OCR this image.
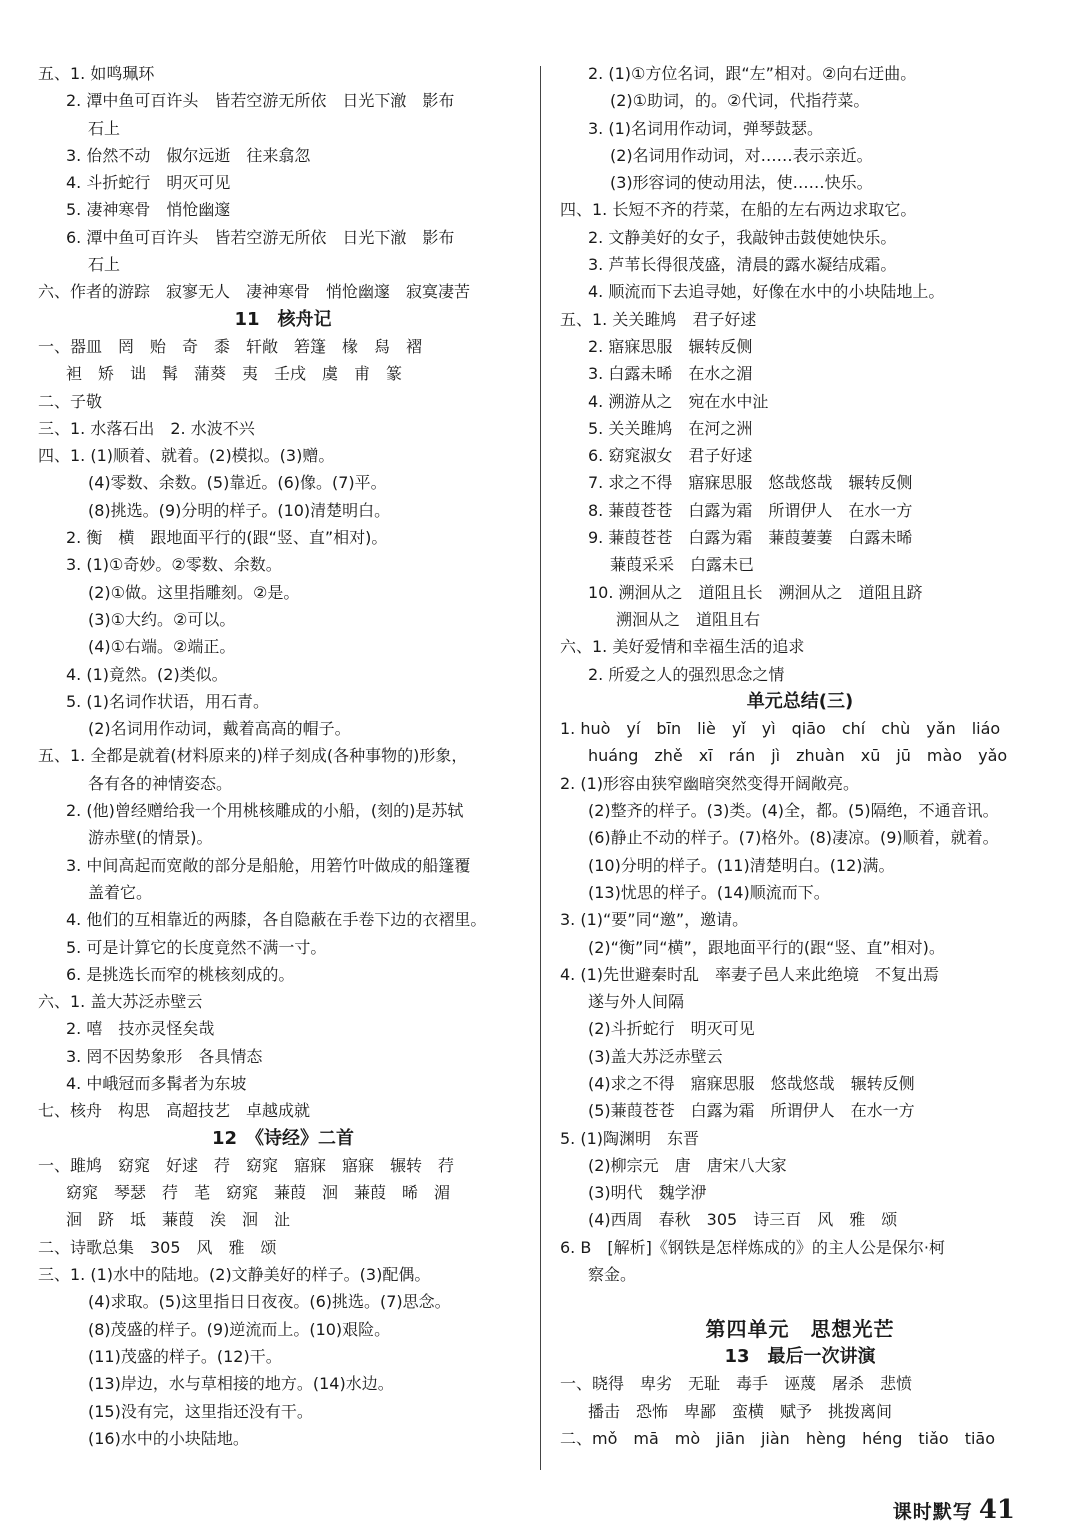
五、1. 如鸣珮环
2. 潭中鱼可百许头　皆若空游无所依　日光下澈　影布
石上
3. 佁然不动　俶尔远逝　往来翕忽
4. 斗折蛇行　明灭可见
5. 凄神寒骨　悄怆幽邃
6. 潭中鱼可百许头　皆若空游无所依　日光下澈　影布
石上
六、作者的游踪　寂寥无人　凄神寒骨　悄怆幽邃　寂寞凄苦
11　核舟记
一、器皿　罔　贻　奇　黍　轩敞　箬篷　椽　舄　褶
袒　矫　诎　髯　蒲葵　夷　壬戌　虞　甫　篆
二、子敬
三、1. 水落石出　2. 水波不兴
四、1. (1)顺着、就着。(2)模拟。(3)赠。
(4)零数、余数。(5)靠近。(6)像。(7)平。
(8)挑选。(9)分明的样子。(10)清楚明白。
2. 衡　横　跟地面平行的(跟“竖、直”相对)。
3. (1)①奇妙。②零数、余数。
(2)①做。这里指雕刻。②是。
(3)①大约。②可以。
(4)①右端。②端正。
4. (1)竟然。(2)类似。
5. (1)名词作状语，用石青。
(2)名词用作动词，戴着高高的帽子。
五、1. 全都是就着(材料原来的)样子刻成(各种事物的)形象，
各有各的神情姿态。
2. (他)曾经赠给我一个用桃核雕成的小船，(刻的)是苏轼
游赤壁(的情景)。
3. 中间高起而宽敞的部分是船舱，用箬竹叶做成的船篷覆
盖着它。
4. 他们的互相靠近的两膝，各自隐蔽在手卷下边的衣褶里。
5. 可是计算它的长度竟然不满一寸。
6. 是挑选长而窄的桃核刻成的。
六、1. 盖大苏泛赤壁云
2. 嘻　技亦灵怪矣哉
3. 罔不因势象形　各具情态
4. 中峨冠而多髯者为东坡
七、核舟　构思　高超技艺　卓越成就
12　《诗经》二首
一、雎鸠　窈窕　好逑　荇　窈窕　寤寐　寤寐　辗转　荇
窈窕　琴瑟　荇　芼　窈窕　蒹葭　洄　蒹葭　晞　湄
洄　跻　坻　蒹葭　涘　洄　沚
二、诗歌总集　305　风　雅　颂
三、1. (1)水中的陆地。(2)文静美好的样子。(3)配偶。
(4)求取。(5)这里指日日夜夜。(6)挑选。(7)思念。
(8)茂盛的样子。(9)逆流而上。(10)艰险。
(11)茂盛的样子。(12)干。
(13)岸边，水与草相接的地方。(14)水边。
(15)没有完，这里指还没有干。
(16)水中的小块陆地。
2. (1)①方位名词，跟“左”相对。②向右迂曲。
(2)①助词，的。②代词，代指荇菜。
3. (1)名词用作动词，弹琴鼓瑟。
(2)名词用作动词，对……表示亲近。
(3)形容词的使动用法，使……快乐。
四、1. 长短不齐的荇菜，在船的左右两边求取它。
2. 文静美好的女子，我敲钟击鼓使她快乐。
3. 芦苇长得很茂盛，清晨的露水凝结成霜。
4. 顺流而下去追寻她，好像在水中的小块陆地上。
五、1. 关关雎鸠　君子好逑
2. 寤寐思服　辗转反侧
3. 白露未晞　在水之湄
4. 溯游从之　宛在水中沚
5. 关关雎鸠　在河之洲
6. 窈窕淑女　君子好逑
7. 求之不得　寤寐思服　悠哉悠哉　辗转反侧
8. 蒹葭苍苍　白露为霜　所谓伊人　在水一方
9. 蒹葭苍苍　白露为霜　蒹葭萋萋　白露未晞
蒹葭采采　白露未已
10. 溯洄从之　道阻且长　溯洄从之　道阻且跻
溯洄从之　道阻且右
六、1. 美好爱情和幸福生活的追求
2. 所爱之人的强烈思念之情
单元总结(三)
1. huò　yí　bīn　liè　yǐ　yì　qiāo　chí　chù　yǎn　liáo
huáng　zhě　xī　rán　jì　zhuàn　xū　jū　mào　yǎo
2. (1)形容由狭窄幽暗突然变得开阔敞亮。
(2)整齐的样子。(3)类。(4)全，都。(5)隔绝，不通音讯。
(6)静止不动的样子。(7)格外。(8)凄凉。(9)顺着，就着。
(10)分明的样子。(11)清楚明白。(12)满。
(13)忧思的样子。(14)顺流而下。
3. (1)“要”同“邀”，邀请。
(2)“衡”同“横”，跟地面平行的(跟“竖、直”相对)。
4. (1)先世避秦时乱　率妻子邑人来此绝境　不复出焉
遂与外人间隔
(2)斗折蛇行　明灭可见
(3)盖大苏泛赤壁云
(4)求之不得　寤寐思服　悠哉悠哉　辗转反侧
(5)蒹葭苍苍　白露为霜　所谓伊人　在水一方
5. (1)陶渊明　东晋
(2)柳宗元　唐　唐宋八大家
(3)明代　魏学洢
(4)西周　春秋　305　诗三百　风　雅　颂
6. B　[解析]《钢铁是怎样炼成的》的主人公是保尔·柯
察金。
第四单元　思想光芒
13　最后一次讲演
一、晓得　卑劣　无耻　毒手　诬蔑　屠杀　悲愤
播击　恐怖　卑鄙　蛮横　赋予　挑拨离间
二、mǒ　mā　mò　jiān　jiàn　hèng　héng　tiǎo　tiāo
课时默写 41
